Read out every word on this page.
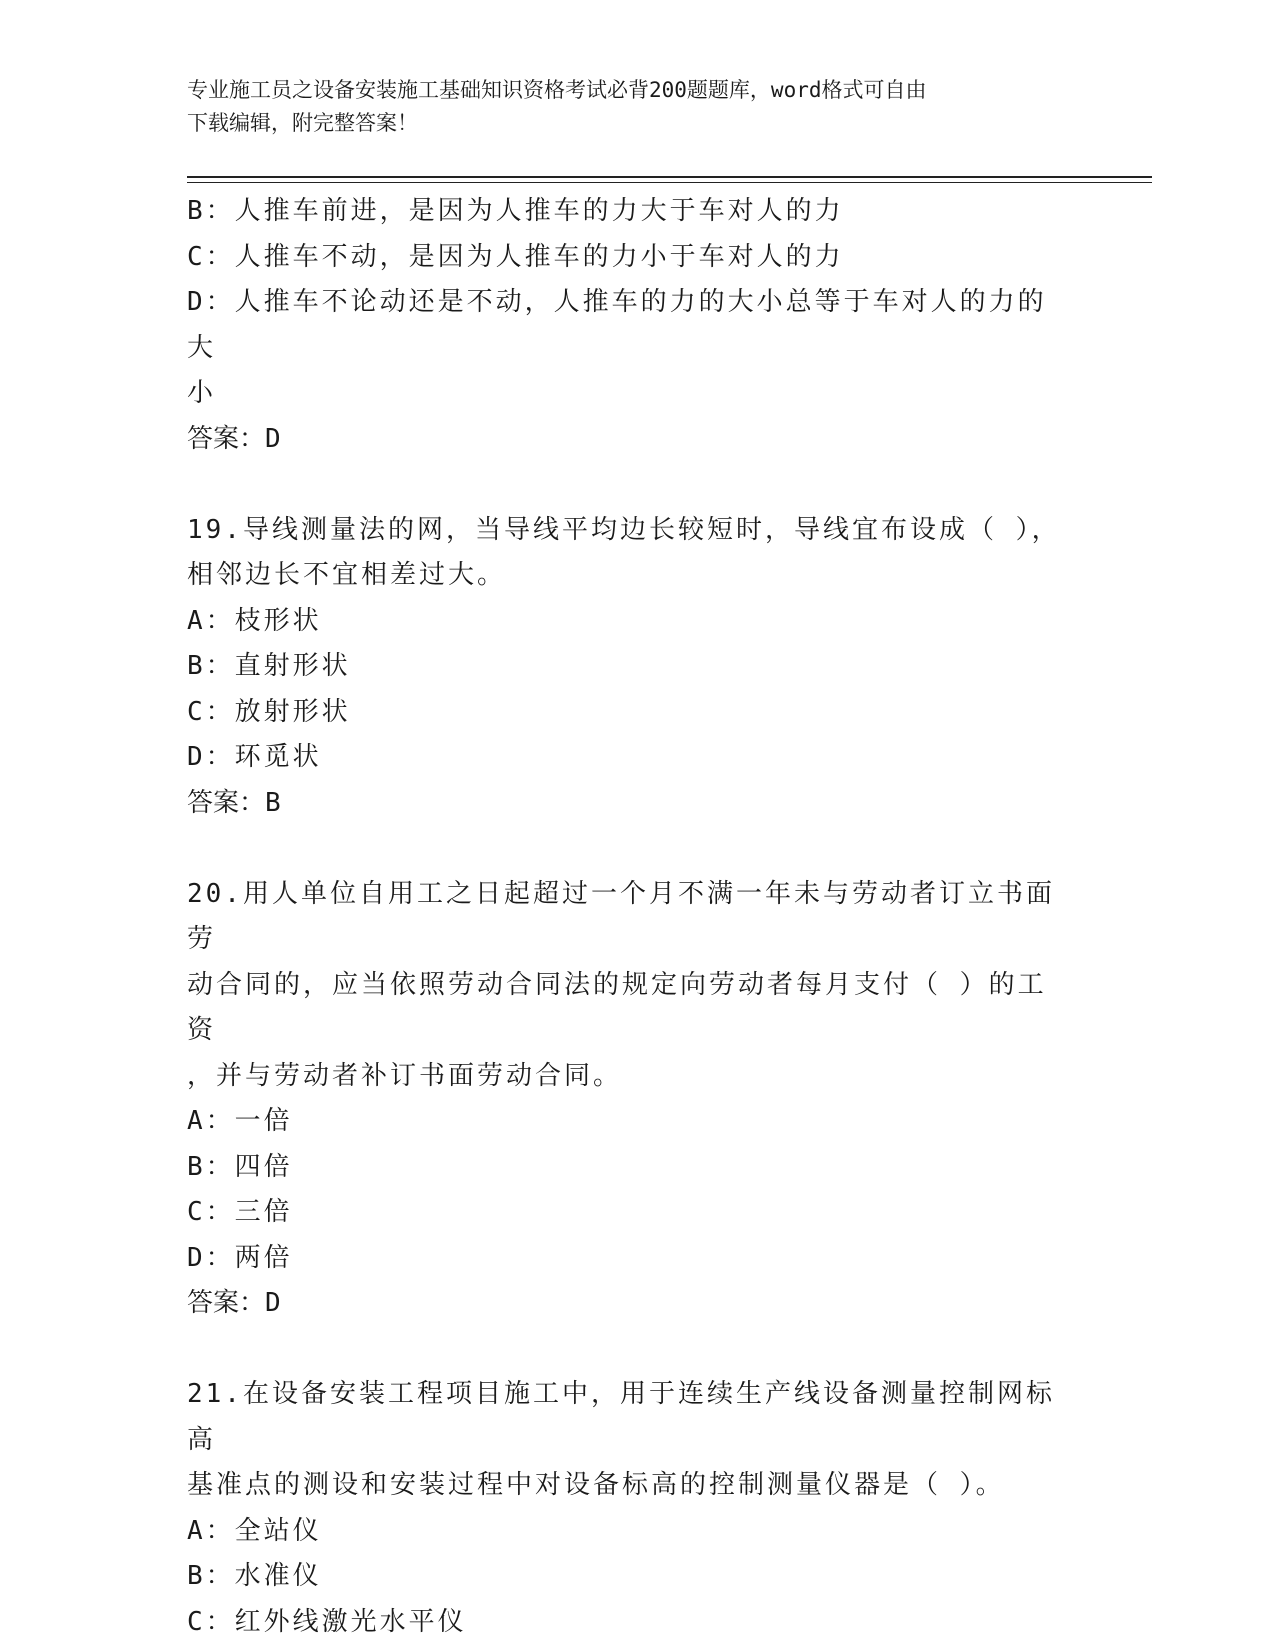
专业施工员之设备安装施工基础知识资格考试必背200题题库，word格式可自由
下载编辑，附完整答案！
B：人推车前进，是因为人推车的力大于车对人的力
C：人推车不动，是因为人推车的力小于车对人的力
D：人推车不论动还是不动，人推车的力的大小总等于车对人的力的大
小
答案：D
19.导线测量法的网，当导线平均边长较短时，导线宜布设成（ ），
相邻边长不宜相差过大。
A：枝形状
B：直射形状
C：放射形状
D：环觅状
答案：B
20.用人单位自用工之日起超过一个月不满一年未与劳动者订立书面劳
动合同的，应当依照劳动合同法的规定向劳动者每月支付（ ）的工资
，并与劳动者补订书面劳动合同。
A：一倍
B：四倍
C：三倍
D：两倍
答案：D
21.在设备安装工程项目施工中，用于连续生产线设备测量控制网标高
基准点的测设和安装过程中对设备标高的控制测量仪器是（ ）。
A：全站仪
B：水准仪
C：红外线激光水平仪
